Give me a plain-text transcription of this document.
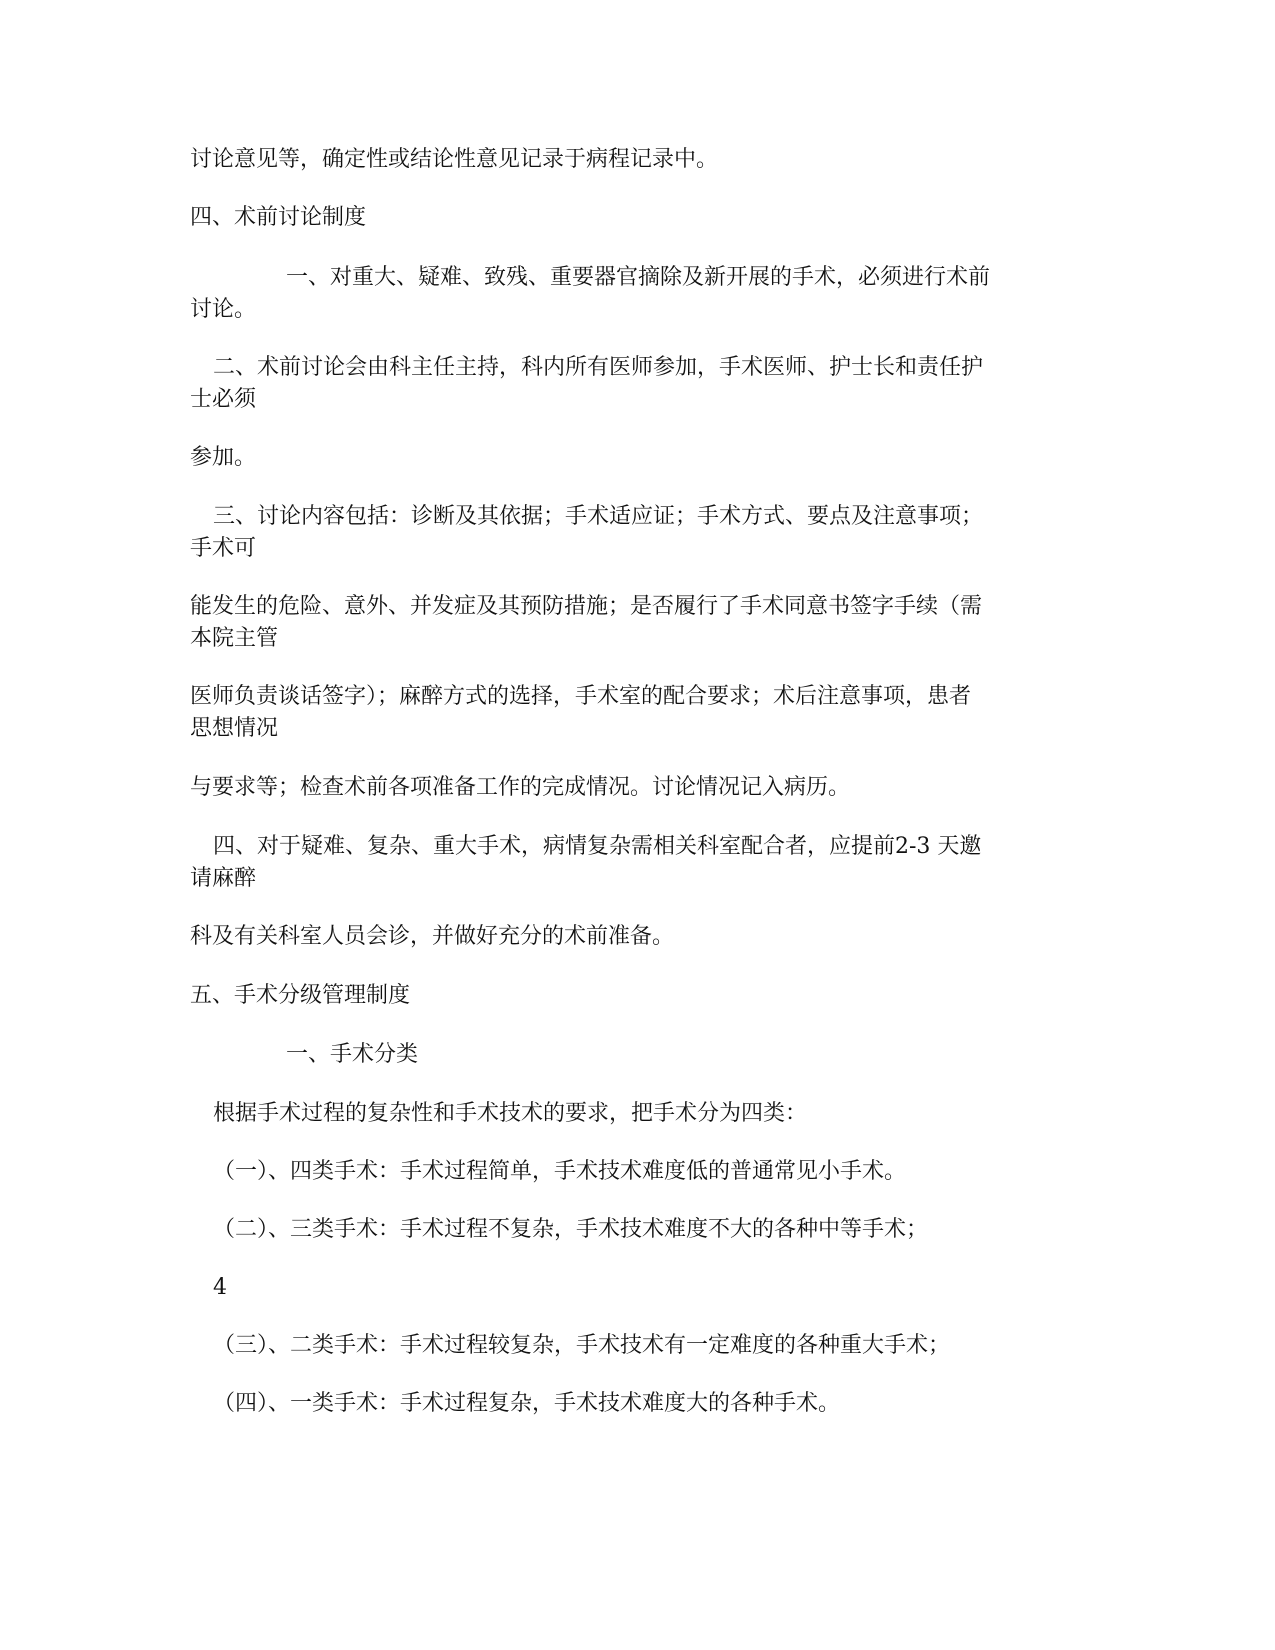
讨论意见等，确定性或结论性意见记录于病程记录中。

四、术前讨论制度

一、对重大、疑难、致残、重要器官摘除及新开展的手术，必须进行术前

讨论。

二、术前讨论会由科主任主持，科内所有医师参加，手术医师、护士长和责任护

士必须

参加。

三、讨论内容包括：诊断及其依据；手术适应证；手术方式、要点及注意事项；

手术可

能发生的危险、意外、并发症及其预防措施；是否履行了手术同意书签字手续（需

本院主管

医师负责谈话签字）；麻醉方式的选择，手术室的配合要求；术后注意事项，患者

思想情况

与要求等；检查术前各项准备工作的完成情况。讨论情况记入病历。

四、对于疑难、复杂、重大手术，病情复杂需相关科室配合者，应提前2-3 天邀

请麻醉

科及有关科室人员会诊，并做好充分的术前准备。

五、手术分级管理制度

一、手术分类

根据手术过程的复杂性和手术技术的要求，把手术分为四类：

（一）、四类手术：手术过程简单，手术技术难度低的普通常见小手术。

（二）、三类手术：手术过程不复杂，手术技术难度不大的各种中等手术；

4

（三）、二类手术：手术过程较复杂，手术技术有一定难度的各种重大手术；

（四）、一类手术：手术过程复杂，手术技术难度大的各种手术。
